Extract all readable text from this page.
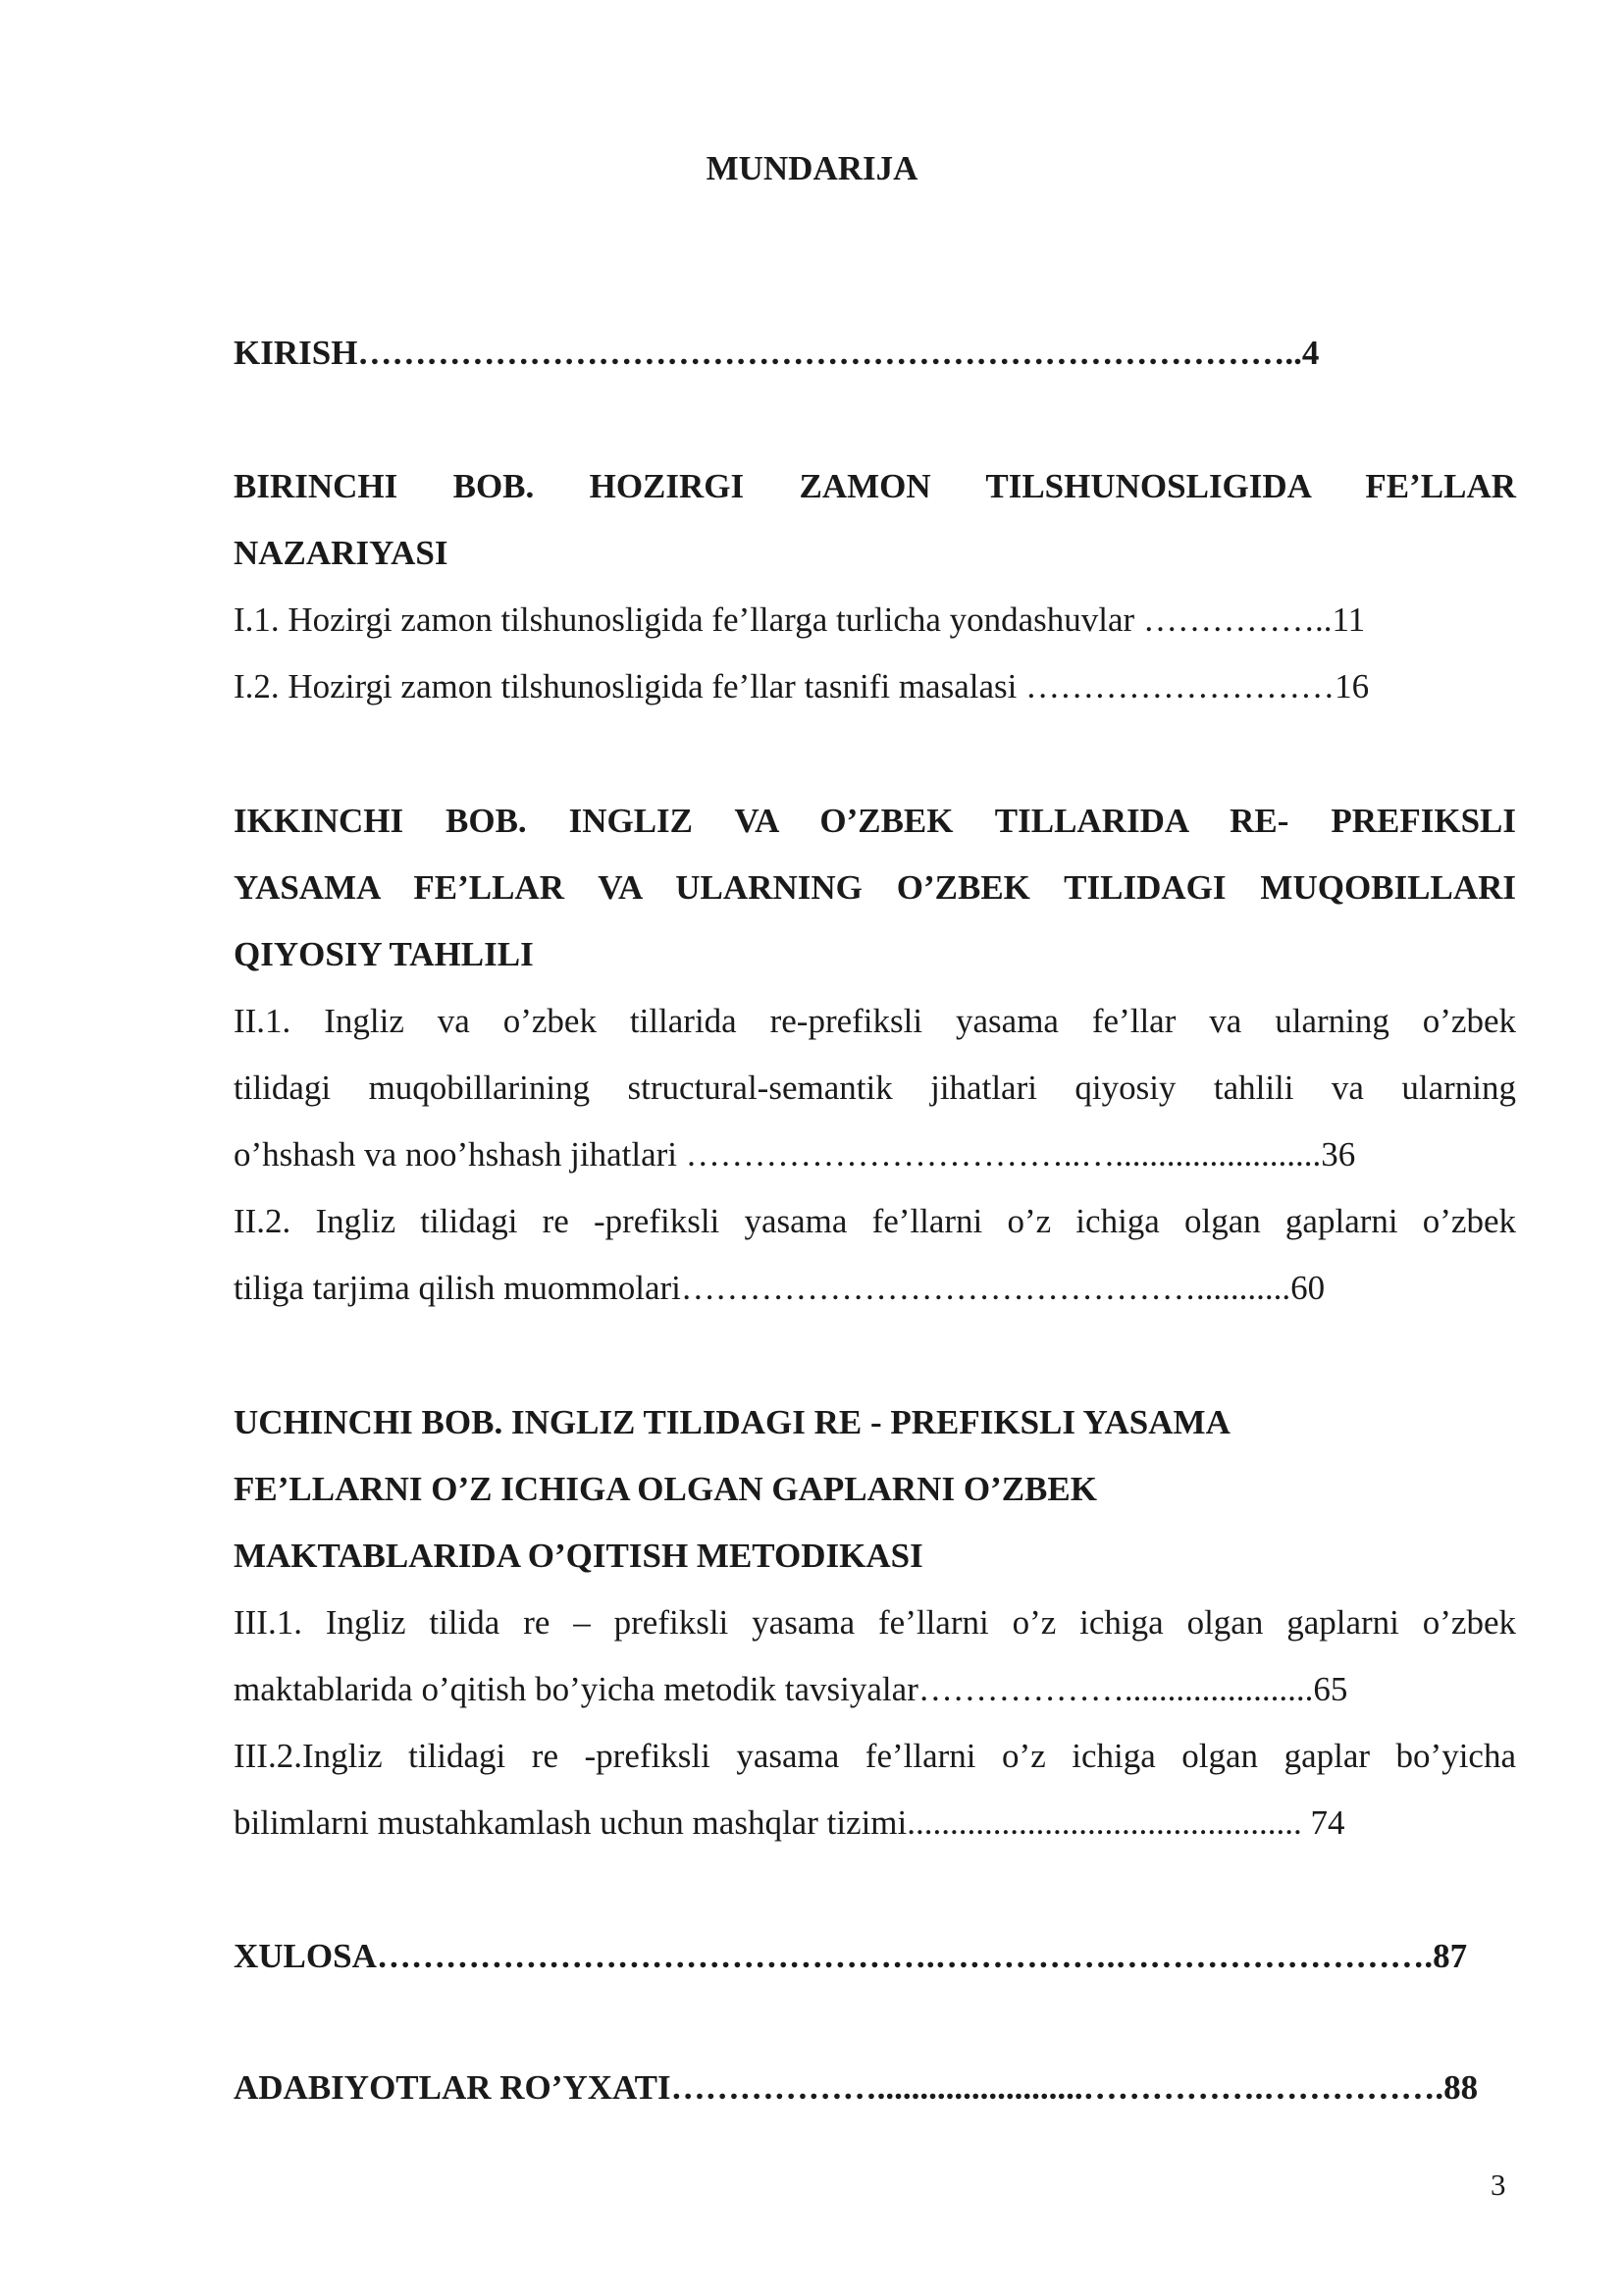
MUNDARIJA
KIRISH………………………………………………………………………..4
BIRINCHI BOB. HOZIRGI ZAMON TILSHUNOSLIGIDA FE’LLAR
NAZARIYASI
I.1. Hozirgi zamon tilshunosligida fe’llarga turlicha yondashuvlar ……………..11
I.2. Hozirgi zamon tilshunosligida fe’llar tasnifi masalasi ………………………16
IKKINCHI BOB. INGLIZ VA O’ZBEK TILLARIDA RE- PREFIKSLI
YASAMA FE’LLAR VA ULARNING O’ZBEK TILIDAGI MUQOBILLARI
QIYOSIY TAHLILI
II.1. Ingliz va o’zbek tillarida re-prefiksli yasama fe’llar va ularning o’zbek
tilidagi muqobillarining structural-semantik jihatlari qiyosiy tahlili va ularning
o’hshash va noo’hshash jihatlari ……………………………..…........................36
II.2. Ingliz tilidagi re -prefiksli yasama fe’llarni o’z ichiga olgan gaplarni o’zbek
tiliga tarjima qilish muommolari………………………………………...........60
UCHINCHI BOB. INGLIZ TILIDAGI RE - PREFIKSLI YASAMA
FE’LLARNI O’Z ICHIGA OLGAN GAPLARNI O’ZBEK
MAKTABLARIDA O’QITISH METODIKASI
III.1. Ingliz tilida re – prefiksli yasama fe’llarni o’z ichiga olgan gaplarni o’zbek
maktablarida o’qitish bo’yicha metodik tavsiyalar………………......................65
III.2.Ingliz tilidagi re -prefiksli yasama fe’llarni o’z ichiga olgan gaplar bo’yicha
bilimlarni mustahkamlash uchun mashqlar tizimi.............................................. 74
XULOSA………………………………………….…………….……………………….87
ADABIYOTLAR RO’YXATI………………........................…………….…………….88
3
